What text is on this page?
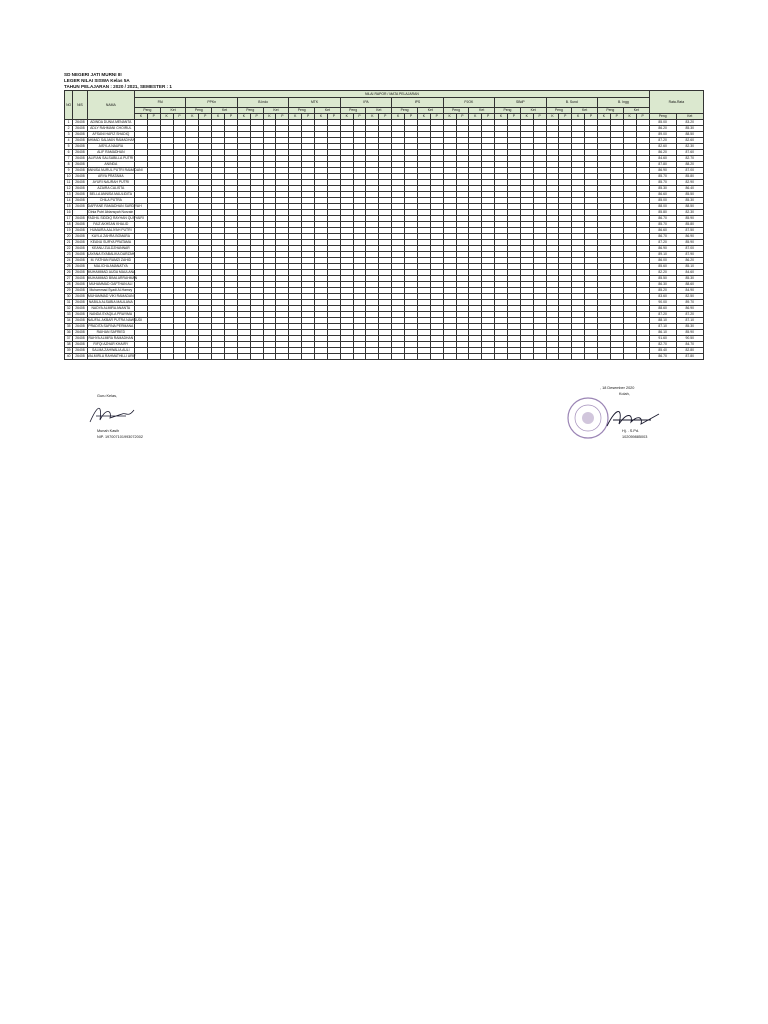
SD NEGERI JATI MURNI III
LEGER NILAI SISWA Kelas 5A
TAHUN PELAJARAN : 2020 / 2021, SEMESTER : 1
NO	NIS	NAMA	NILAI RAPOR / MATA PELAJARAN																																								Rata-Rata	
			PAI				PPKn				B.Indo				MTK				IPA				IPS				PJOK				SBdP				B. Sund				B. Ingg					
			Peng		Ket		Peng		Ket		Peng		Ket		Peng		Ket		Peng		Ket		Peng		Ket		Peng		Ket		Peng		Ket		Peng		Ket		Peng		Ket			
			K	P	K	P	K	P	K	P	K	P	K	P	K	P	K	P	K	P	K	P	K	P	K	P	K	P	K	P	K	P	K	P	K	P	K	P	K	P	K	P	Peng	Ket
1	26408	ADINDA DUNIA MENANTA																																									85.00	83.20
2	26408	ADLY RAHMANI CHOIRUL																																									86.20	85.30
3	26408	AFSANI HAFIZ SHADIQ																																									89.00	88.50
4	26408	AHMAD SALMAN RAMADHAN																																									87.20	82.60
5	26408	AISYLA NAURA																																									82.60	82.30
6	26408	ALIF RAMADHAN																																									86.20	87.60
7	26408	ALIFIAN SALSABILLA PUTRI																																									84.60	82.70
8	26408	ANINDA																																									87.80	88.20
9	26408	ANNISA NURUL PUTRI RAMADANI																																									86.90	87.00
10	26408	ARYA PRATAMA																																									85.70	85.80
11	26408	AYURI NAURAH PUTRI																																									85.70	82.90
12	26408	AZAIRA CALISTA																																									85.30	86.40
13	26408	BELLA ANNISA MAULIDITA																																									86.60	85.50
14	26408	CHILA PUTRA																																									85.00	85.30
15	26408	DAFFANE RAMADHAN SARDIYAH																																									88.00	88.50
16		Dinia Putri Abiansyah Nurzain																																									85.80	82.30
17	26408	FADHIL SIDDIQ RAYHAN QUSYAIRI																																									86.70	85.90
18	26408	FAIZ AKHSAN KHALID																																									85.70	85.80
19	26408	HUMAIRA AALIYAH PUTRI																																									86.60	87.50
20	26408	KAYLA ZAHRA BOMARA																																									86.70	86.90
21	26408	KEANU SURYA PRATAMA																																									87.20	85.90
22	26408	KEANU ZULDZHANNAR																																									86.90	87.00
23	26408	LAYANA SYABALIKA DARZAH																																									89.10	87.90
24	26408	M. FATHAN RAMZI ZAHID																																									86.00	86.20
25	26408	MALICHA AMANATYA																																									85.60	85.10
26	26408	MUHAMMAD AUDA MAULANA																																									82.20	84.60
27	26408	MUHAMMAD BIMA ARRAHMAN																																									85.50	85.30
28	26408	MUHAMMAD GAFTHAN ALI																																									86.30	88.60
29	26408	Muhammad Syadi Al-Hamzy																																									85.20	84.90
30	26408	MUHAMMAD VIKI RAMADAN																																									83.60	82.50
31	26408	NABILA ALSABIA MAULANA																																									90.00	89.70
32	26408	NADYA ALMIRA ANANTA																																									88.60	86.90
33	26408	NANDA SYAQILA PRAYIMA																																									87.20	87.20
34	26408	NAUFAL AKBAR PUTRA NAWSUDI																																									88.10	87.10
35	26408	PRADITA SAFINA PERMANA																																									87.10	85.30
36	26408	RAIHAN SAFRIED																																									86.10	85.90
37	26408	RAHYA ALMIRA RAMADHAN																																									91.60	90.50
38	26408	RIFQI AZHAR KHAIRY																																									82.70	84.70
39	26408	SALMA ZAHWALIA AULI																																									85.40	82.80
40	26408	VALMIRLA RAHMATHILLI ARIF																																									86.70	87.80
Guru Kelas,
Munah Kasih
NIP. 197007101993072002
, 18 Desember 2020
Kolah,
Hj. . S.Pd.
102059885003
